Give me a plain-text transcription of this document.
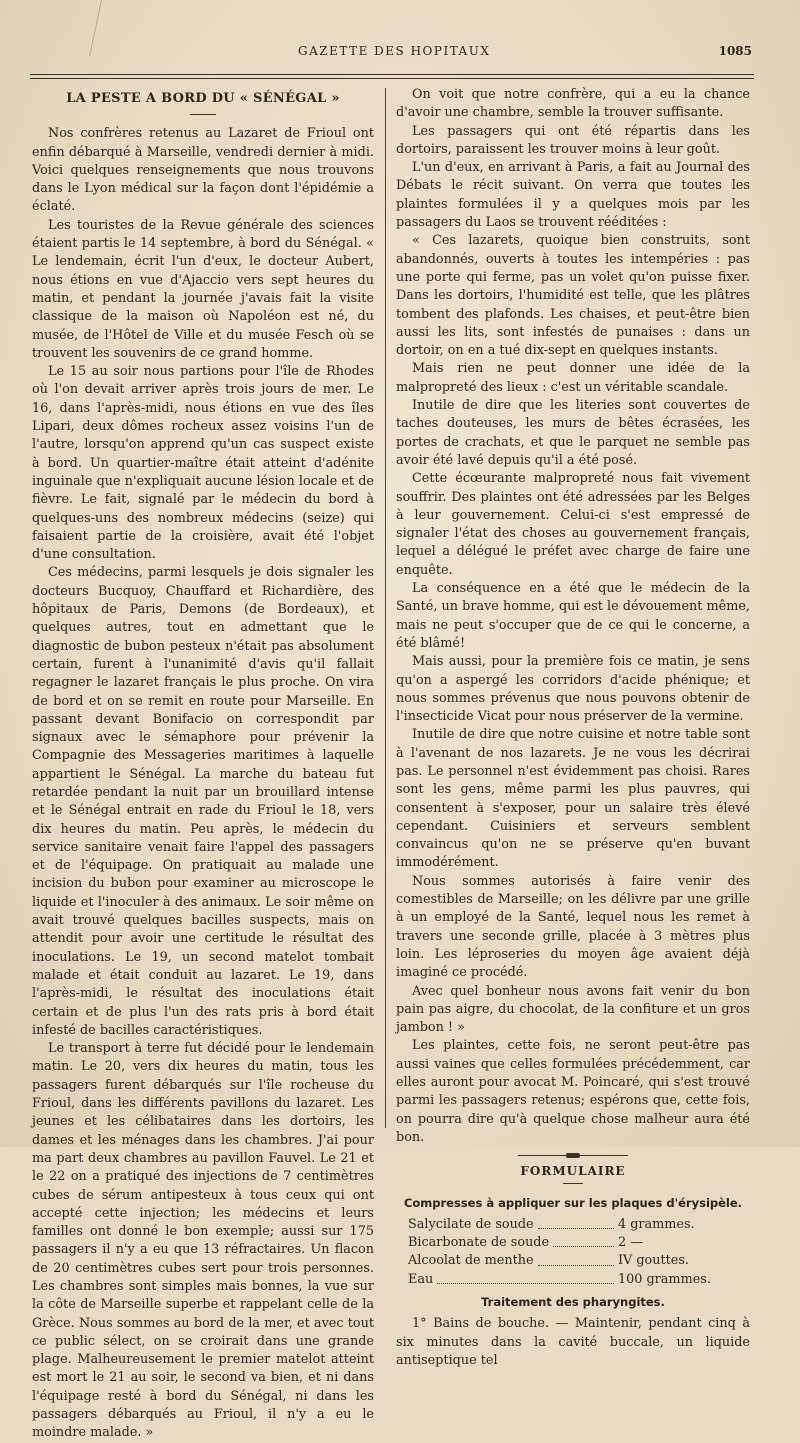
GAZETTE DES HOPITAUX	1085
LA PESTE A BORD DU « SÉNÉGAL »

Nos confrères retenus au Lazaret de Frioul ont enfin débarqué à Marseille, vendredi dernier à midi. Voici quelques renseignements que nous trouvons dans le Lyon médical sur la façon dont l'épidémie a éclaté.

Les touristes de la Revue générale des sciences étaient partis le 14 septembre, à bord du Sénégal. « Le lendemain, écrit l'un d'eux, le docteur Aubert, nous étions en vue d'Ajaccio vers sept heures du matin, et pendant la journée j'avais fait la visite classique de la maison où Napoléon est né, du musée, de l'Hôtel de Ville et du musée Fesch où se trouvent les souvenirs de ce grand homme.

Le 15 au soir nous partions pour l'île de Rhodes où l'on devait arriver après trois jours de mer. Le 16, dans l'après-midi, nous étions en vue des îles Lipari, deux dômes rocheux assez voisins l'un de l'autre, lorsqu'on apprend qu'un cas suspect existe à bord. Un quartier-maître était atteint d'adénite inguinale que n'expliquait aucune lésion locale et de fièvre. Le fait, signalé par le médecin du bord à quelques-uns des nombreux médecins (seize) qui faisaient partie de la croisière, avait été l'objet d'une consultation.

Ces médecins, parmi lesquels je dois signaler les docteurs Bucquoy, Chauffard et Richardière, des hôpitaux de Paris, Demons (de Bordeaux), et quelques autres, tout en admettant que le diagnostic de bubon pesteux n'était pas absolument certain, furent à l'unanimité d'avis qu'il fallait regagner le lazaret français le plus proche. On vira de bord et on se remit en route pour Marseille. En passant devant Bonifacio on correspondit par signaux avec le sémaphore pour prévenir la Compagnie des Messageries maritimes à laquelle appartient le Sénégal. La marche du bateau fut retardée pendant la nuit par un brouillard intense et le Sénégal entrait en rade du Frioul le 18, vers dix heures du matin. Peu après, le médecin du service sanitaire venait faire l'appel des passagers et de l'équipage. On pratiquait au malade une incision du bubon pour examiner au microscope le liquide et l'inoculer à des animaux. Le soir même on avait trouvé quelques bacilles suspects, mais on attendit pour avoir une certitude le résultat des inoculations. Le 19, un second matelot tombait malade et était conduit au lazaret. Le 19, dans l'après-midi, le résultat des inoculations était certain et de plus l'un des rats pris à bord était infesté de bacilles caractéristiques.

Le transport à terre fut décidé pour le lendemain matin. Le 20, vers dix heures du matin, tous les passagers furent débarqués sur l'île rocheuse du Frioul, dans les différents pavillons du lazaret. Les jeunes et les célibataires dans les dortoirs, les dames et les ménages dans les chambres. J'ai pour ma part deux chambres au pavillon Fauvel. Le 21 et le 22 on a pratiqué des injections de 7 centimètres cubes de sérum antipesteux à tous ceux qui ont accepté cette injection; les médecins et leurs familles ont donné le bon exemple; aussi sur 175 passagers il n'y a eu que 13 réfractaires. Un flacon de 20 centimètres cubes sert pour trois personnes. Les chambres sont simples mais bonnes, la vue sur la côte de Marseille superbe et rappelant celle de la Grèce. Nous sommes au bord de la mer, et avec tout ce public sélect, on se croirait dans une grande plage. Malheureusement le premier matelot atteint est mort le 21 au soir, le second va bien, et ni dans l'équipage resté à bord du Sénégal, ni dans les passagers débarqués au Frioul, il n'y a eu le moindre malade. »

On voit que notre confrère, qui a eu la chance d'avoir une chambre, semble la trouver suffisante.

Les passagers qui ont été répartis dans les dortoirs, paraissent les trouver moins à leur goût.

L'un d'eux, en arrivant à Paris, a fait au Journal des Débats le récit suivant. On verra que toutes les plaintes formulées il y a quelques mois par les passagers du Laos se trouvent rééditées :

« Ces lazarets, quoique bien construits, sont abandonnés, ouverts à toutes les intempéries : pas une porte qui ferme, pas un volet qu'on puisse fixer. Dans les dortoirs, l'humidité est telle, que les plâtres tombent des plafonds. Les chaises, et peut-être bien aussi les lits, sont infestés de punaises : dans un dortoir, on en a tué dix-sept en quelques instants.

Mais rien ne peut donner une idée de la malpropreté des lieux : c'est un véritable scandale.

Inutile de dire que les literies sont couvertes de taches douteuses, les murs de bêtes écrasées, les portes de crachats, et que le parquet ne semble pas avoir été lavé depuis qu'il a été posé.

Cette écœurante malpropreté nous fait vivement souffrir. Des plaintes ont été adressées par les Belges à leur gouvernement. Celui-ci s'est empressé de signaler l'état des choses au gouvernement français, lequel a délégué le préfet avec charge de faire une enquête.

La conséquence en a été que le médecin de la Santé, un brave homme, qui est le dévouement même, mais ne peut s'occuper que de ce qui le concerne, a été blâmé!

Mais aussi, pour la première fois ce matin, je sens qu'on a aspergé les corridors d'acide phénique; et nous sommes prévenus que nous pouvons obtenir de l'insecticide Vicat pour nous préserver de la vermine.

Inutile de dire que notre cuisine et notre table sont à l'avenant de nos lazarets. Je ne vous les décrirai pas. Le personnel n'est évidemment pas choisi. Rares sont les gens, même parmi les plus pauvres, qui consentent à s'exposer, pour un salaire très élevé cependant. Cuisiniers et serveurs semblent convaincus qu'on ne se préserve qu'en buvant immodérément.

Nous sommes autorisés à faire venir des comestibles de Marseille; on les délivre par une grille à un employé de la Santé, lequel nous les remet à travers une seconde grille, placée à 3 mètres plus loin. Les léproseries du moyen âge avaient déjà imaginé ce procédé.

Avec quel bonheur nous avons fait venir du bon pain pas aigre, du chocolat, de la confiture et un gros jambon ! »

Les plaintes, cette fois, ne seront peut-être pas aussi vaines que celles formulées précédemment, car elles auront pour avocat M. Poincaré, qui s'est trouvé parmi les passagers retenus; espérons que, cette fois, on pourra dire qu'à quelque chose malheur aura été bon.

FORMULAIRE
Compresses à appliquer sur les plaques d'érysipèle.
Salycilate de soude	4 grammes.
Bicarbonate de soude	2 —
Alcoolat de menthe	IV gouttes.
Eau	100 grammes.
Traitement des pharyngites.

1° Bains de bouche. — Maintenir, pendant cinq à six minutes dans la cavité buccale, un liquide antiseptique tel
